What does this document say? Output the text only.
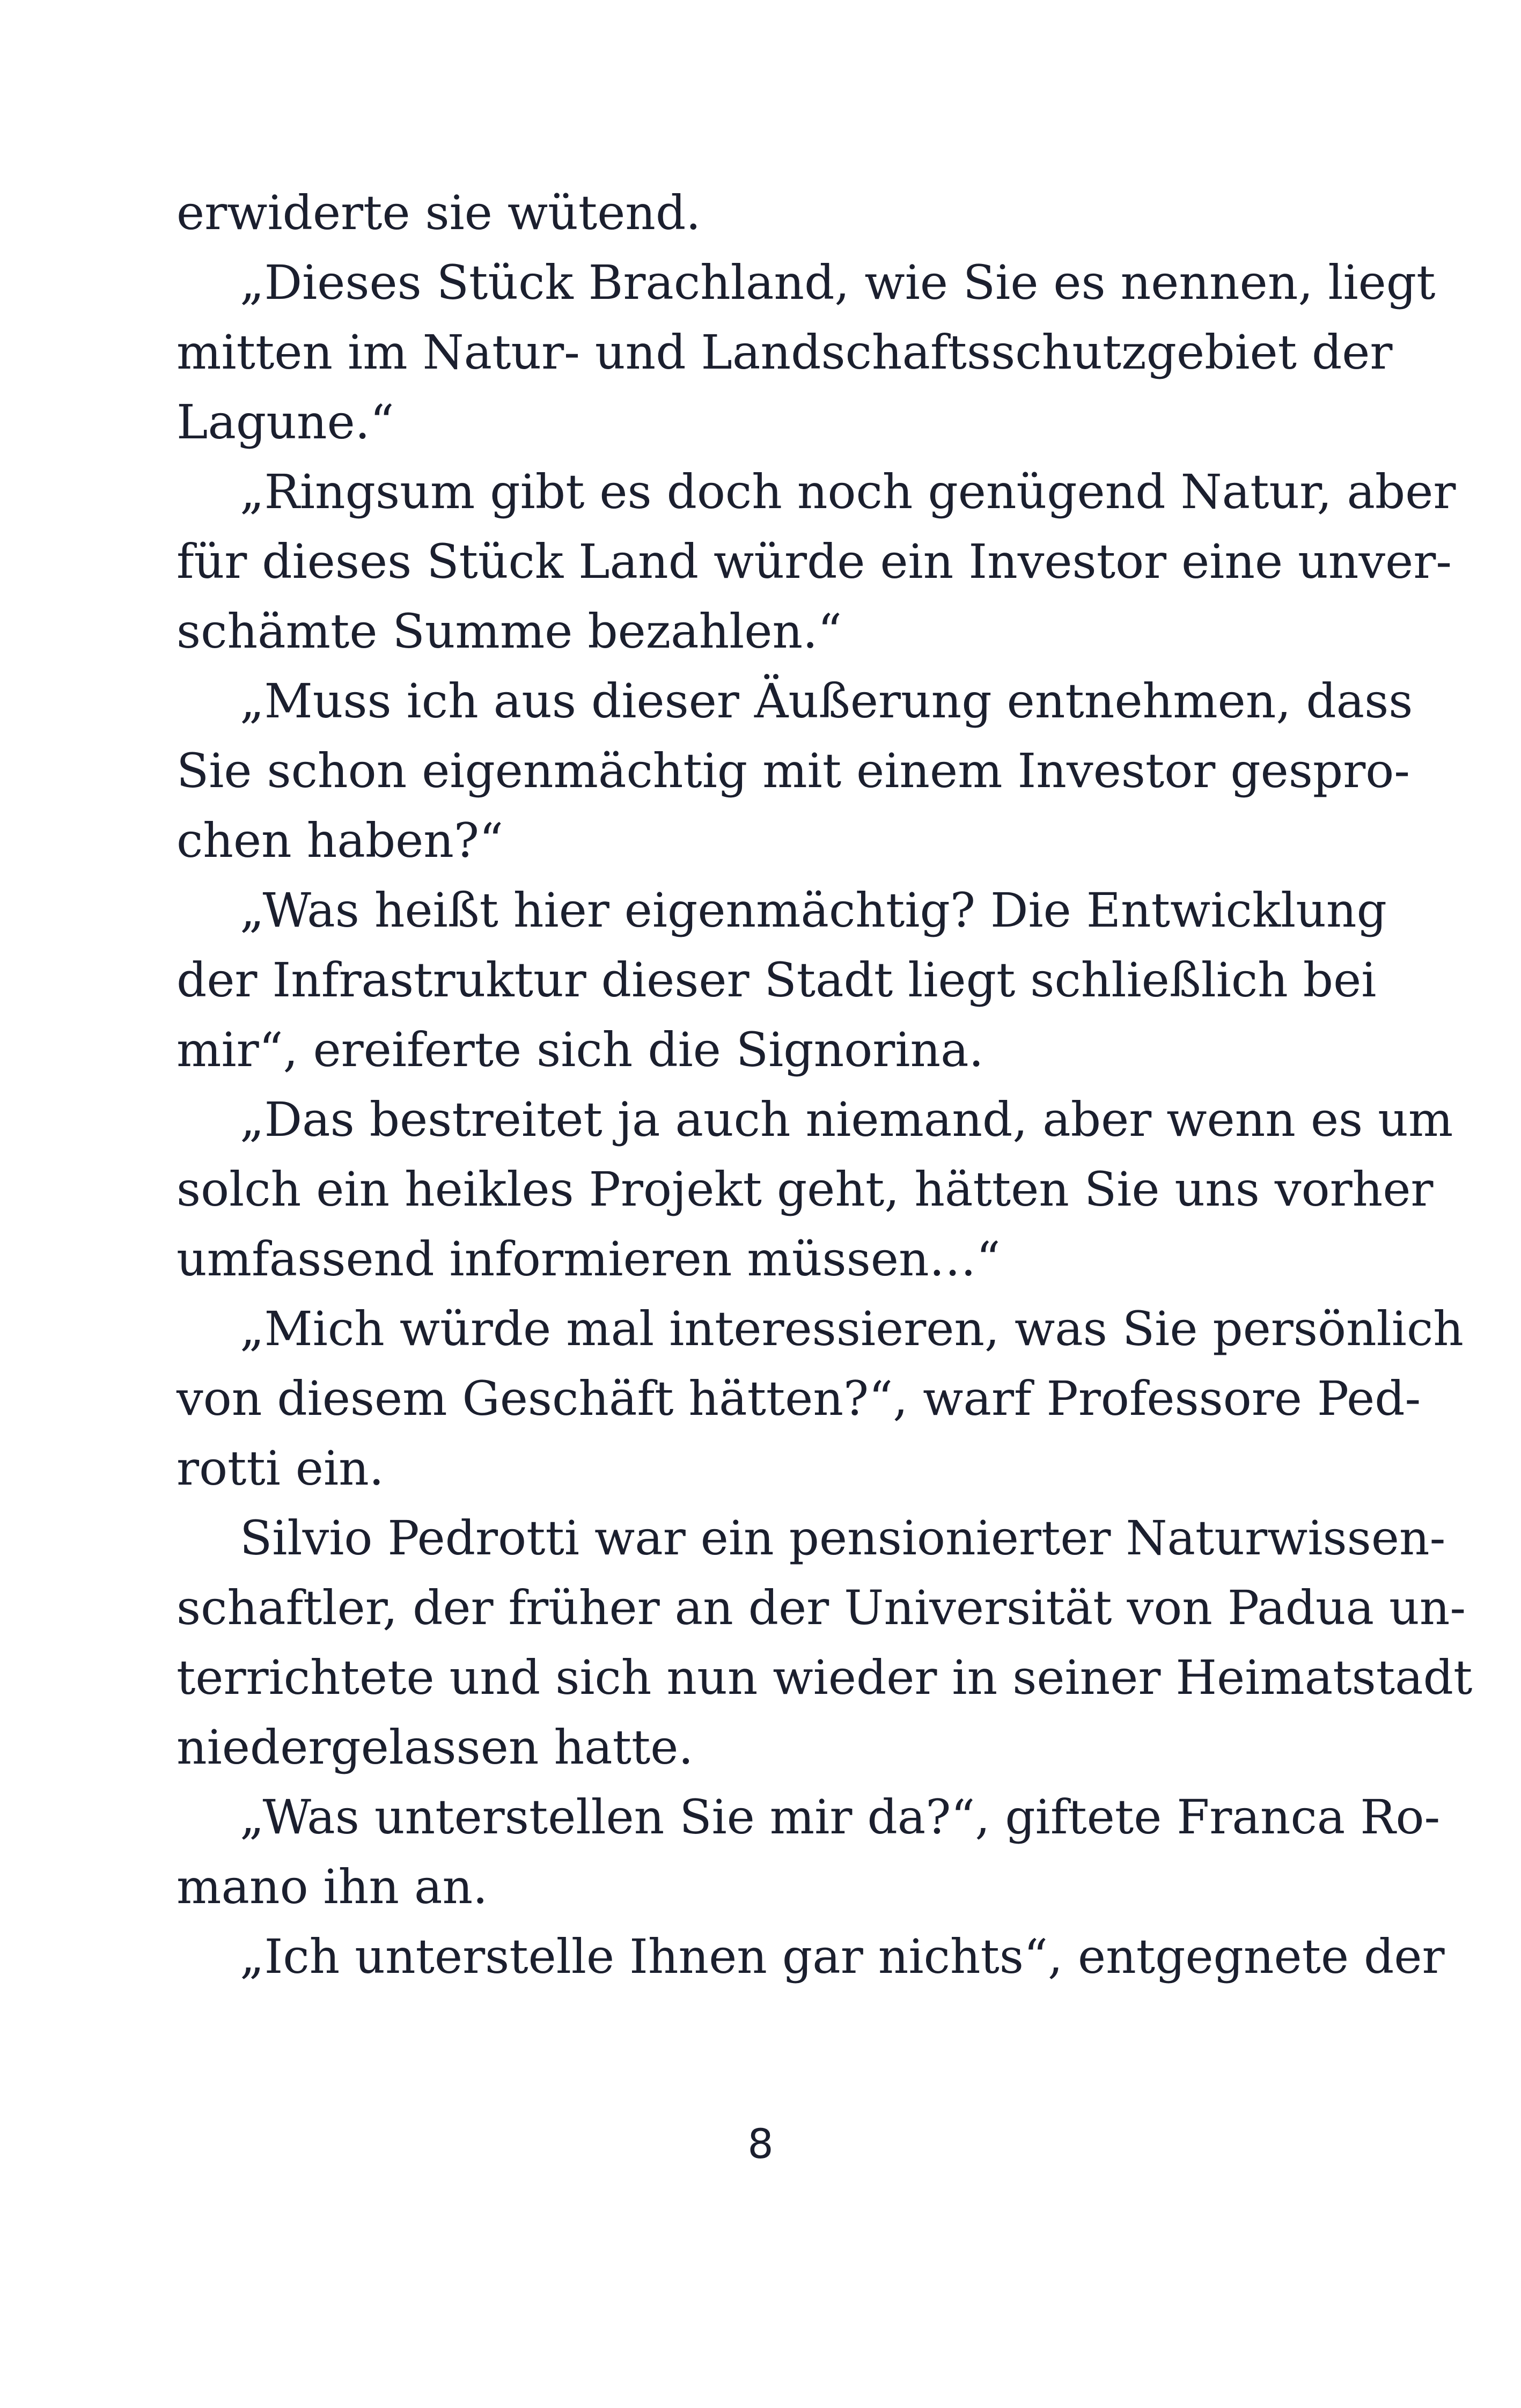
erwiderte sie wütend.
„Dieses Stück Brachland, wie Sie es nennen, liegt
mitten im Natur- und Landschaftsschutzgebiet der
Lagune.“
„Ringsum gibt es doch noch genügend Natur, aber
für dieses Stück Land würde ein Investor eine unver-
schämte Summe bezahlen.“
„Muss ich aus dieser Äußerung entnehmen, dass
Sie schon eigenmächtig mit einem Investor gespro-
chen haben?“
„Was heißt hier eigenmächtig? Die Entwicklung
der Infrastruktur dieser Stadt liegt schließlich bei
mir“, ereiferte sich die Signorina.
„Das bestreitet ja auch niemand, aber wenn es um
solch ein heikles Projekt geht, hätten Sie uns vorher
umfassend informieren müssen…“
„Mich würde mal interessieren, was Sie persönlich
von diesem Geschäft hätten?“, warf Professore Ped-
rotti ein.
Silvio Pedrotti war ein pensionierter Naturwissen-
schaftler, der früher an der Universität von Padua un-
terrichtete und sich nun wieder in seiner Heimatstadt
niedergelassen hatte.
„Was unterstellen Sie mir da?“, giftete Franca Ro-
mano ihn an.
„Ich unterstelle Ihnen gar nichts“, entgegnete der
8
